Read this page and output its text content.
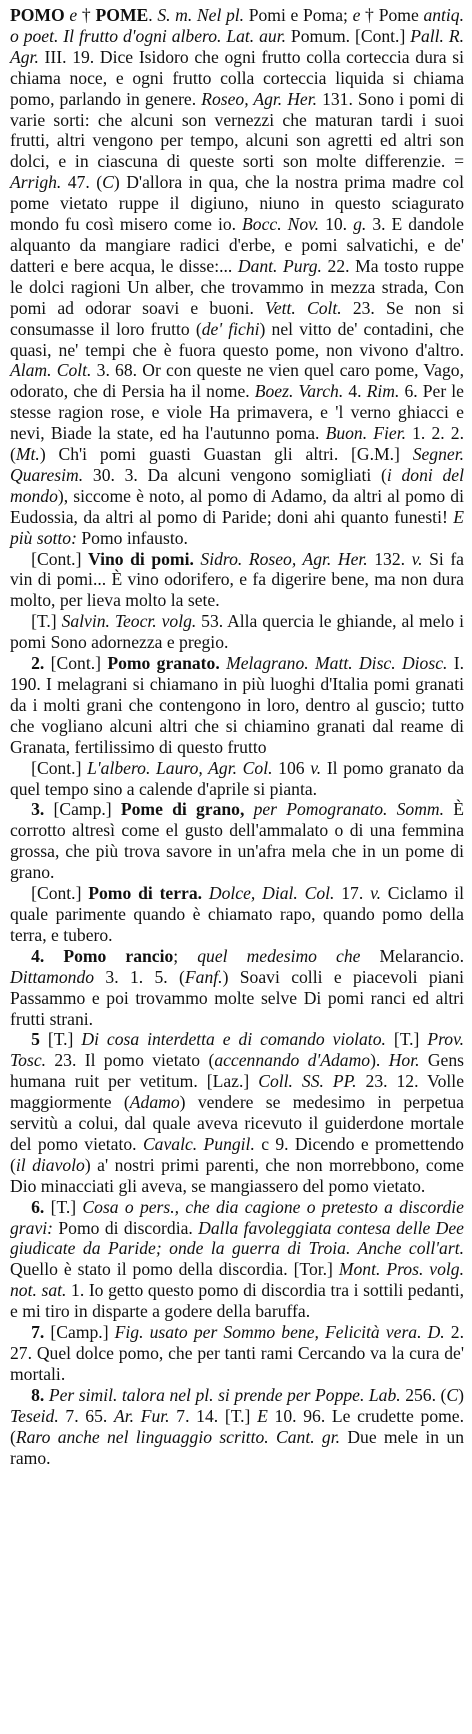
POMO e † POME. S. m. Nel pl. Pomi e Poma; e † Pome antiq. o poet. Il frutto d'ogni albero. Lat. aur. Pomum. [Cont.] Pall. R. Agr. III. 19. Dice Isidoro che ogni frutto colla corteccia dura si chiama noce, e ogni frutto colla corteccia liquida si chiama pomo, parlando in genere. Roseo, Agr. Her. 131. Sono i pomi di varie sorti: che alcuni son vernezzi che maturan tardi i suoi frutti, altri vengono per tempo, alcuni son agretti ed altri son dolci, e in ciascuna di queste sorti son molte differenzie. = Arrigh. 47. (C) D'allora in qua, che la nostra prima madre col pome vietato ruppe il digiuno, niuno in questo sciagurato mondo fu così misero come io. Bocc. Nov. 10. g. 3. E dandole alquanto da mangiare radici d'erbe, e pomi salvatichi, e de' datteri e bere acqua, le disse:... Dant. Purg. 22. Ma tosto ruppe le dolci ragioni Un alber, che trovammo in mezza strada, Con pomi ad odorar soavi e buoni. Vett. Colt. 23. Se non si consumasse il loro frutto (de' fichi) nel vitto de' contadini, che quasi, ne' tempi che è fuora questo pome, non vivono d'altro. Alam. Colt. 3. 68. Or con queste ne vien quel caro pome, Vago, odorato, che di Persia ha il nome. Boez. Varch. 4. Rim. 6. Per le stesse ragion rose, e viole Ha primavera, e 'l verno ghiacci e nevi, Biade la state, ed ha l'autunno poma. Buon. Fier. 1. 2. 2. (Mt.) Ch'i pomi guasti Guastan gli altri. [G.M.] Segner. Quaresim. 30. 3. Da alcuni vengono somigliati (i doni del mondo), siccome è noto, al pomo di Adamo, da altri al pomo di Eudossia, da altri al pomo di Paride; doni ahi quanto funesti! E più sotto: Pomo infausto.

[Cont.] Vino di pomi. Sidro. Roseo, Agr. Her. 132. v. Si fa vin di pomi... È vino odorifero, e fa digerire bene, ma non dura molto, per lieva molto la sete.

[T.] Salvin. Teocr. volg. 53. Alla quercia le ghiande, al melo i pomi Sono adornezza e pregio.

2. [Cont.] Pomo granato. Melagrano. Matt. Disc. Diosc. I. 190. I melagrani si chiamano in più luoghi d'Italia pomi granati da i molti grani che contengono in loro, dentro al guscio; tutto che vogliano alcuni altri che si chiamino granati dal reame di Granata, fertilissimo di questo frutto

[Cont.] L'albero. Lauro, Agr. Col. 106 v. Il pomo granato da quel tempo sino a calende d'aprile si pianta.

3. [Camp.] Pome di grano, per Pomogranato. Somm. È corrotto altresì come el gusto dell'ammalato o di una femmina grossa, che più trova savore in un'afra mela che in un pome di grano.

[Cont.] Pomo di terra. Dolce, Dial. Col. 17. v. Ciclamo il quale parimente quando è chiamato rapo, quando pomo della terra, e tubero.

4. Pomo rancio; quel medesimo che Melarancio. Dittamondo 3. 1. 5. (Fanf.) Soavi colli e piacevoli piani Passammo e poi trovammo molte selve Di pomi ranci ed altri frutti strani.

5 [T.] Di cosa interdetta e di comando violato. [T.] Prov. Tosc. 23. Il pomo vietato (accennando d'Adamo). Hor. Gens humana ruit per vetitum. [Laz.] Coll. SS. PP. 23. 12. Volle maggiormente (Adamo) vendere se medesimo in perpetua servitù a colui, dal quale aveva ricevuto il guiderdone mortale del pomo vietato. Cavalc. Pungil. c 9. Dicendo e promettendo (il diavolo) a' nostri primi parenti, che non morrebbono, come Dio minacciati gli aveva, se mangiassero del pomo vietato.

6. [T.] Cosa o pers., che dia cagione o pretesto a discordie gravi: Pomo di discordia. Dalla favoleggiata contesa delle Dee giudicate da Paride; onde la guerra di Troia. Anche coll'art. Quello è stato il pomo della discordia. [Tor.] Mont. Pros. volg. not. sat. 1. Io getto questo pomo di discordia tra i sottili pedanti, e mi tiro in disparte a godere della baruffa.

7. [Camp.] Fig. usato per Sommo bene, Felicità vera. D. 2. 27. Quel dolce pomo, che per tanti rami Cercando va la cura de' mortali.

8. Per simil. talora nel pl. si prende per Poppe. Lab. 256. (C) Teseid. 7. 65. Ar. Fur. 7. 14. [T.] E 10. 96. Le crudette pome. (Raro anche nel linguaggio scritto. Cant. gr. Due mele in un ramo.
